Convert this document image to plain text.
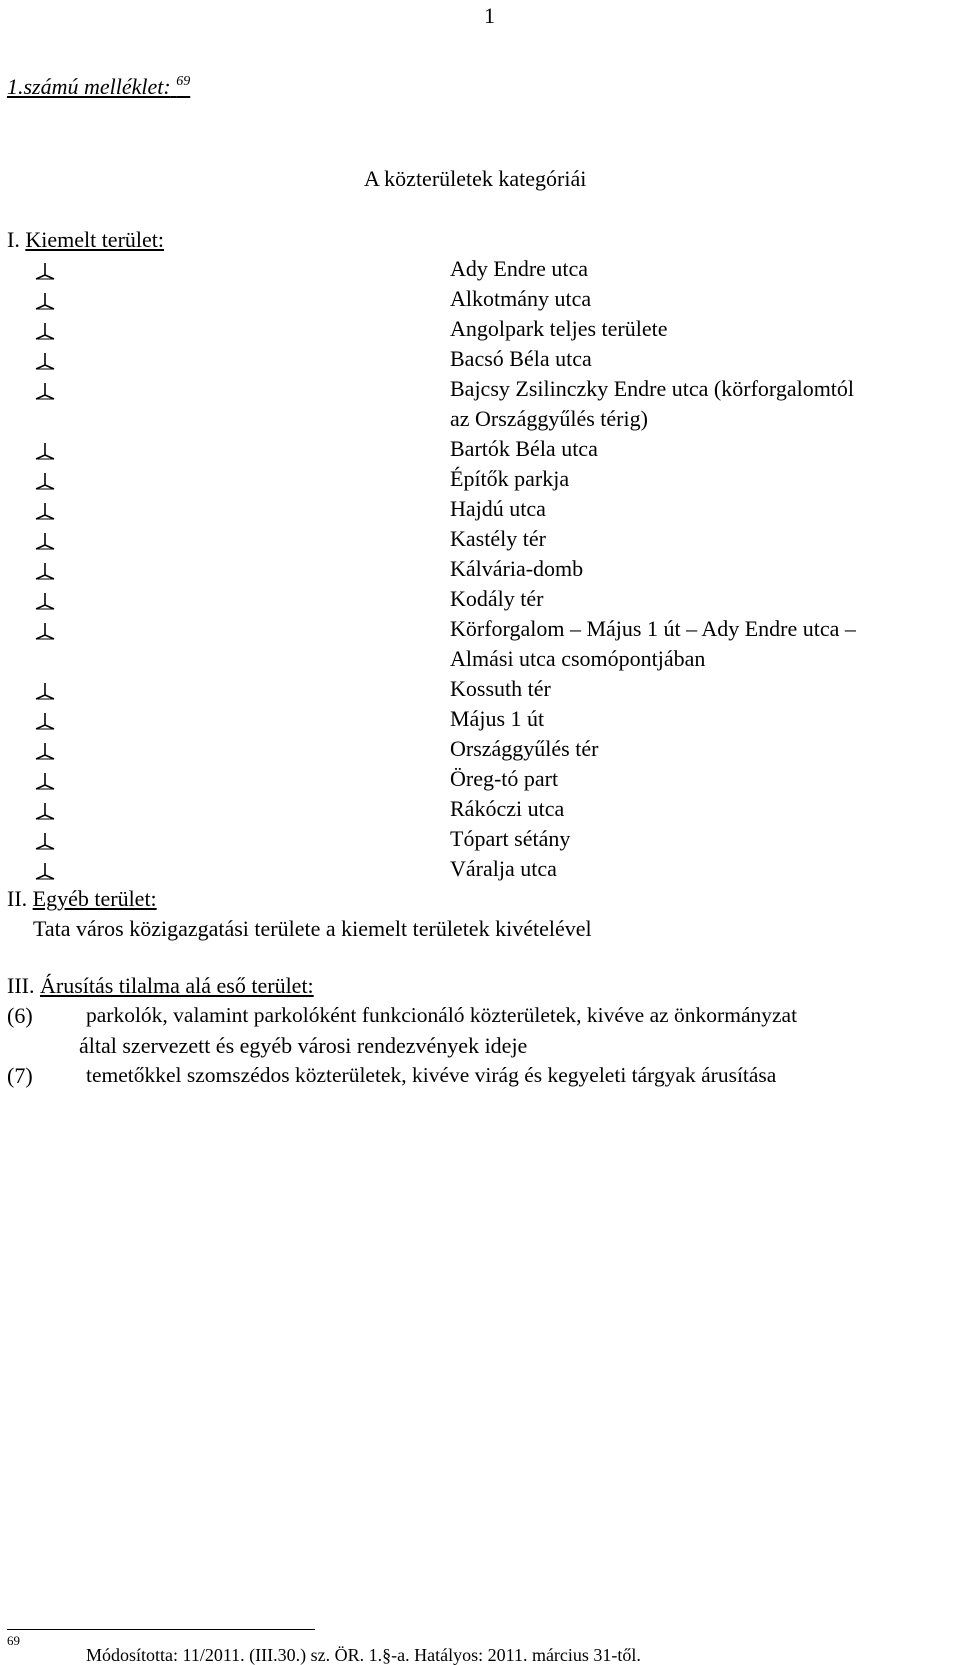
1
1.számú melléklet: $^{69}$
A közterületek kategóriái
I. Kiemelt terület:
Ady Endre utca
Alkotmány utca
Angolpark teljes területe
Bacsó Béla utca
Bajcsy Zsilinczky Endre utca (körforgalomtól
az Országgyűlés térig)
Bartók Béla utca
Építők parkja
Hajdú utca
Kastély tér
Kálvária-domb
Kodály tér
Körforgalom – Május 1 út – Ady Endre utca –
Almási utca csomópontjában
Kossuth tér
Május 1 út
Országgyűlés tér
Öreg-tó part
Rákóczi utca
Tópart sétány
Váralja utca
II. Egyéb terület:
Tata város közigazgatási területe a kiemelt területek kivételével
III. Árusítás tilalma alá eső terület:
(6) parkolók, valamint parkolóként funkcionáló közterületek, kivéve az önkormányzat
által szervezett és egyéb városi rendezvények ideje
(7) temetőkkel szomszédos közterületek, kivéve virág és kegyeleti tárgyak árusítása
69
Módosította: 11/2011. (III.30.) sz. ÖR. 1.§-a. Hatályos: 2011. március 31-től.
